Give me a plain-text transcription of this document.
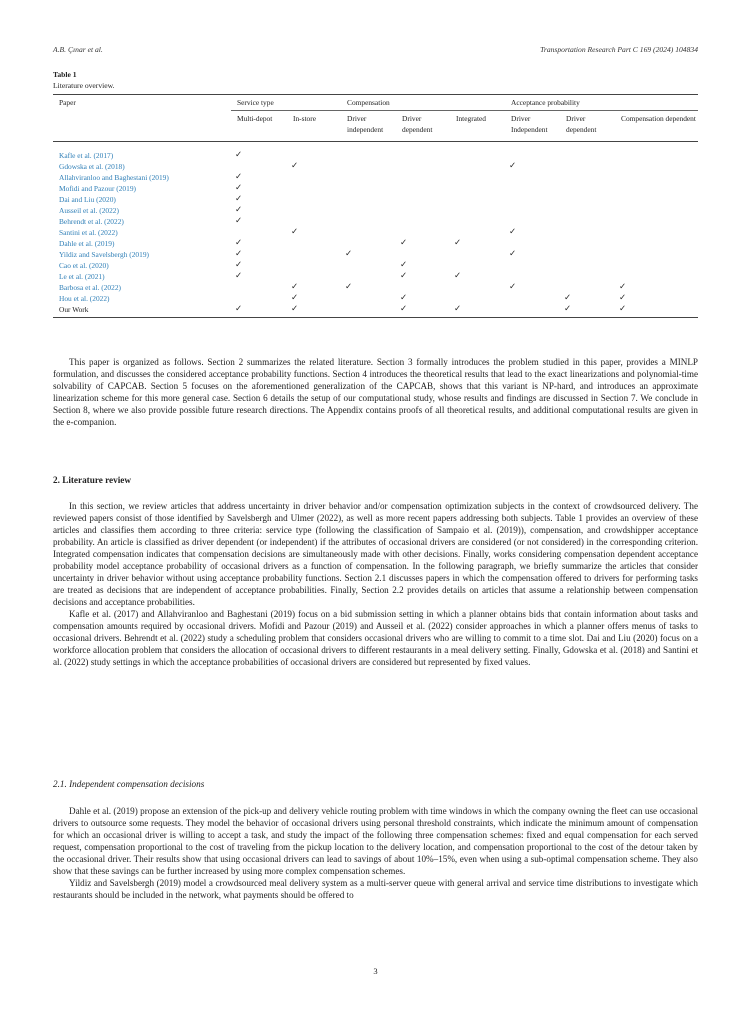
A.B. Çınar et al.	Transportation Research Part C 169 (2024) 104834
Table 1
Literature overview.
Paper	Service type		Compensation			Acceptance probability		
	Multi-depot	In-store	Driver independent	Driver dependent	Integrated	Driver Independent	Driver dependent	Compensation dependent
Kafle et al. (2017)	✓							
Gdowska et al. (2018)		✓				✓		
Allahviranloo and Baghestani (2019)	✓							
Mofidi and Pazour (2019)	✓							
Dai and Liu (2020)	✓							
Ausseil et al. (2022)	✓							
Behrendt et al. (2022)	✓							
Santini et al. (2022)		✓				✓		
Dahle et al. (2019)	✓			✓	✓			
Yildiz and Savelsbergh (2019)	✓		✓			✓		
Cao et al. (2020)	✓			✓				
Le et al. (2021)	✓			✓	✓			
Barbosa et al. (2022)		✓	✓			✓		✓
Hou et al. (2022)		✓		✓			✓	✓
Our Work	✓	✓		✓	✓		✓	✓

This paper is organized as follows. Section 2 summarizes the related literature. Section 3 formally introduces the problem studied in this paper, provides a MINLP formulation, and discusses the considered acceptance probability functions. Section 4 introduces the theoretical results that lead to the exact linearizations and polynomial-time solvability of CAPCAB. Section 5 focuses on the aforementioned generalization of the CAPCAB, shows that this variant is NP-hard, and introduces an approximate linearization scheme for this more general case. Section 6 details the setup of our computational study, whose results and findings are discussed in Section 7. We conclude in Section 8, where we also provide possible future research directions. The Appendix contains proofs of all theoretical results, and additional computational results are given in the e-companion.

2. Literature review

In this section, we review articles that address uncertainty in driver behavior and/or compensation optimization subjects in the context of crowdsourced delivery. The reviewed papers consist of those identified by Savelsbergh and Ulmer (2022), as well as more recent papers addressing both subjects. Table 1 provides an overview of these articles and classifies them according to three criteria: service type (following the classification of Sampaio et al. (2019)), compensation, and crowdshipper acceptance probability. An article is classified as driver dependent (or independent) if the attributes of occasional drivers are considered (or not considered) in the corresponding criterion. Integrated compensation indicates that compensation decisions are simultaneously made with other decisions. Finally, works considering compensation dependent acceptance probability model acceptance probability of occasional drivers as a function of compensation. In the following paragraph, we briefly summarize the articles that consider uncertainty in driver behavior without using acceptance probability functions. Section 2.1 discusses papers in which the compensation offered to drivers for performing tasks are treated as decisions that are independent of acceptance probabilities. Finally, Section 2.2 provides details on articles that assume a relationship between compensation decisions and acceptance probabilities.

Kafle et al. (2017) and Allahviranloo and Baghestani (2019) focus on a bid submission setting in which a planner obtains bids that contain information about tasks and compensation amounts required by occasional drivers. Mofidi and Pazour (2019) and Ausseil et al. (2022) consider approaches in which a planner offers menus of tasks to occasional drivers. Behrendt et al. (2022) study a scheduling problem that considers occasional drivers who are willing to commit to a time slot. Dai and Liu (2020) focus on a workforce allocation problem that considers the allocation of occasional drivers to different restaurants in a meal delivery setting. Finally, Gdowska et al. (2018) and Santini et al. (2022) study settings in which the acceptance probabilities of occasional drivers are considered but represented by fixed values.

2.1. Independent compensation decisions

Dahle et al. (2019) propose an extension of the pick-up and delivery vehicle routing problem with time windows in which the company owning the fleet can use occasional drivers to outsource some requests. They model the behavior of occasional drivers using personal threshold constraints, which indicate the minimum amount of compensation for which an occasional driver is willing to accept a task, and study the impact of the following three compensation schemes: fixed and equal compensation for each served request, compensation proportional to the cost of traveling from the pickup location to the delivery location, and compensation proportional to the cost of the detour taken by the occasional driver. Their results show that using occasional drivers can lead to savings of about 10%–15%, even when using a sub-optimal compensation scheme. They also show that these savings can be further increased by using more complex compensation schemes.

Yildiz and Savelsbergh (2019) model a crowdsourced meal delivery system as a multi-server queue with general arrival and service time distributions to investigate which restaurants should be included in the network, what payments should be offered to

3
